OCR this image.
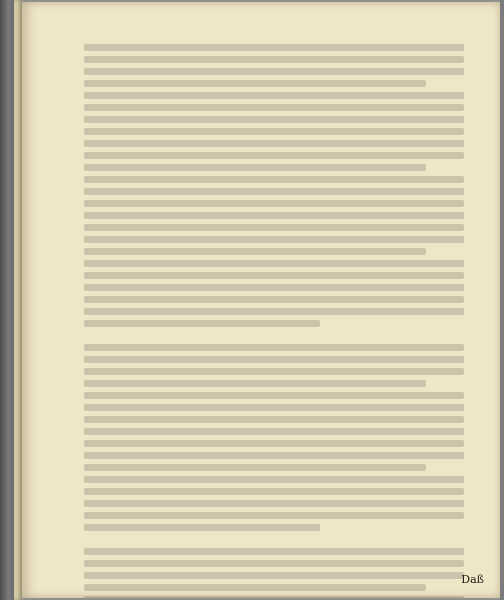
Daß
